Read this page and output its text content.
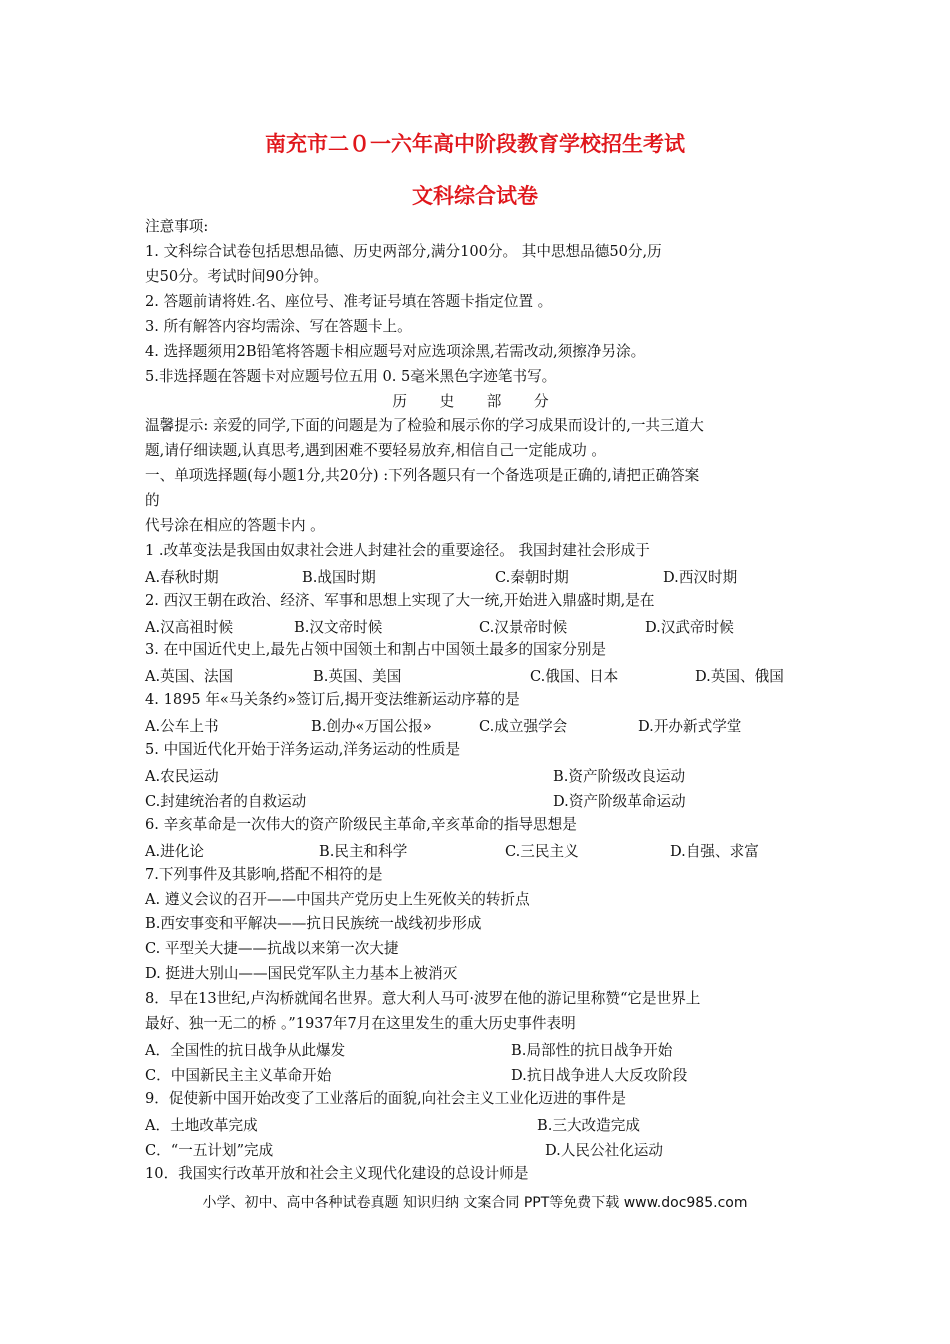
南充市二０一六年高中阶段教育学校招生考试
文科综合试卷
注意事项:
1. 文科综合试卷包括思想品德、历史两部分,满分100分。 其中思想品德50分,历
史50分。考试时间90分钟。
2. 答题前请将姓.名、座位号、准考证号填在答题卡指定位置 。
3. 所有解答内容均需涂、写在答题卡上。
4. 选择题须用2B铅笔将答题卡相应题号对应选项涂黑,若需改动,须擦净另涂。
5.非选择题在答题卡对应题号位五用 0. 5毫米黑色字迹笔书写。
历 史 部 分
温馨提示: 亲爱的同学,下面的问题是为了检验和展示你的学习成果而设计的,一共三道大
题,请仔细读题,认真思考,遇到困难不要轻易放弃,相信自己一定能成功 。
一、单项选择题(每小题1分,共20分) :下列各题只有一个备选项是正确的,请把正确答案
的
代号涂在相应的答题卡内 。
1 .改革变法是我国由奴隶社会进人封建社会的重要途径。 我国封建社会形成于
A.春秋时期	B.战国时期	C.秦朝时期	D.西汉时期
2. 西汉王朝在政治、经济、军事和思想上实现了大一统,开始进入鼎盛时期,是在
A.汉高祖时候	B.汉文帝时候	C.汉景帝时候	D.汉武帝时候
3. 在中国近代史上,最先占领中国领土和割占中国领土最多的国家分别是
A.英国、法国	B.英国、美国	C.俄国、日本	D.英国、俄国
4. 1895 年«马关条约»签订后,揭开变法维新运动序幕的是
A.公车上书	B.创办«万国公报»	C.成立强学会	D.开办新式学堂
5. 中国近代化开始于洋务运动,洋务运动的性质是
A.农民运动	B.资产阶级改良运动
C.封建统治者的自救运动	D.资产阶级革命运动
6. 辛亥革命是一次伟大的资产阶级民主革命,辛亥革命的指导思想是
A.进化论	B.民主和科学	C.三民主义	D.自强、求富
7.下列事件及其影响,搭配不相符的是
A. 遵义会议的召开——中国共产党历史上生死攸关的转折点
B.西安事变和平解决——抗日民族统一战线初步形成
C. 平型关大捷——抗战以来第一次大捷
D. 挺进大别山——国民党军队主力基本上被消灭
8．早在13世纪,卢沟桥就闻名世界。意大利人马可·波罗在他的游记里称赞“它是世界上
最好、独一无二的桥 。”1937年7月在这里发生的重大历史事件表明
A．全国性的抗日战争从此爆发	B.局部性的抗日战争开始
C．中国新民主主义革命开始	D.抗日战争进人大反攻阶段
9．促使新中国开始改变了工业落后的面貌,向社会主义工业化迈进的事件是
A．土地改革完成	B.三大改造完成
C．“一五计划”完成	D.人民公社化运动
10．我国实行改革开放和社会主义现代化建设的总设计师是
小学、初中、高中各种试卷真题 知识归纳 文案合同 PPT等免费下载 www.doc985.com
